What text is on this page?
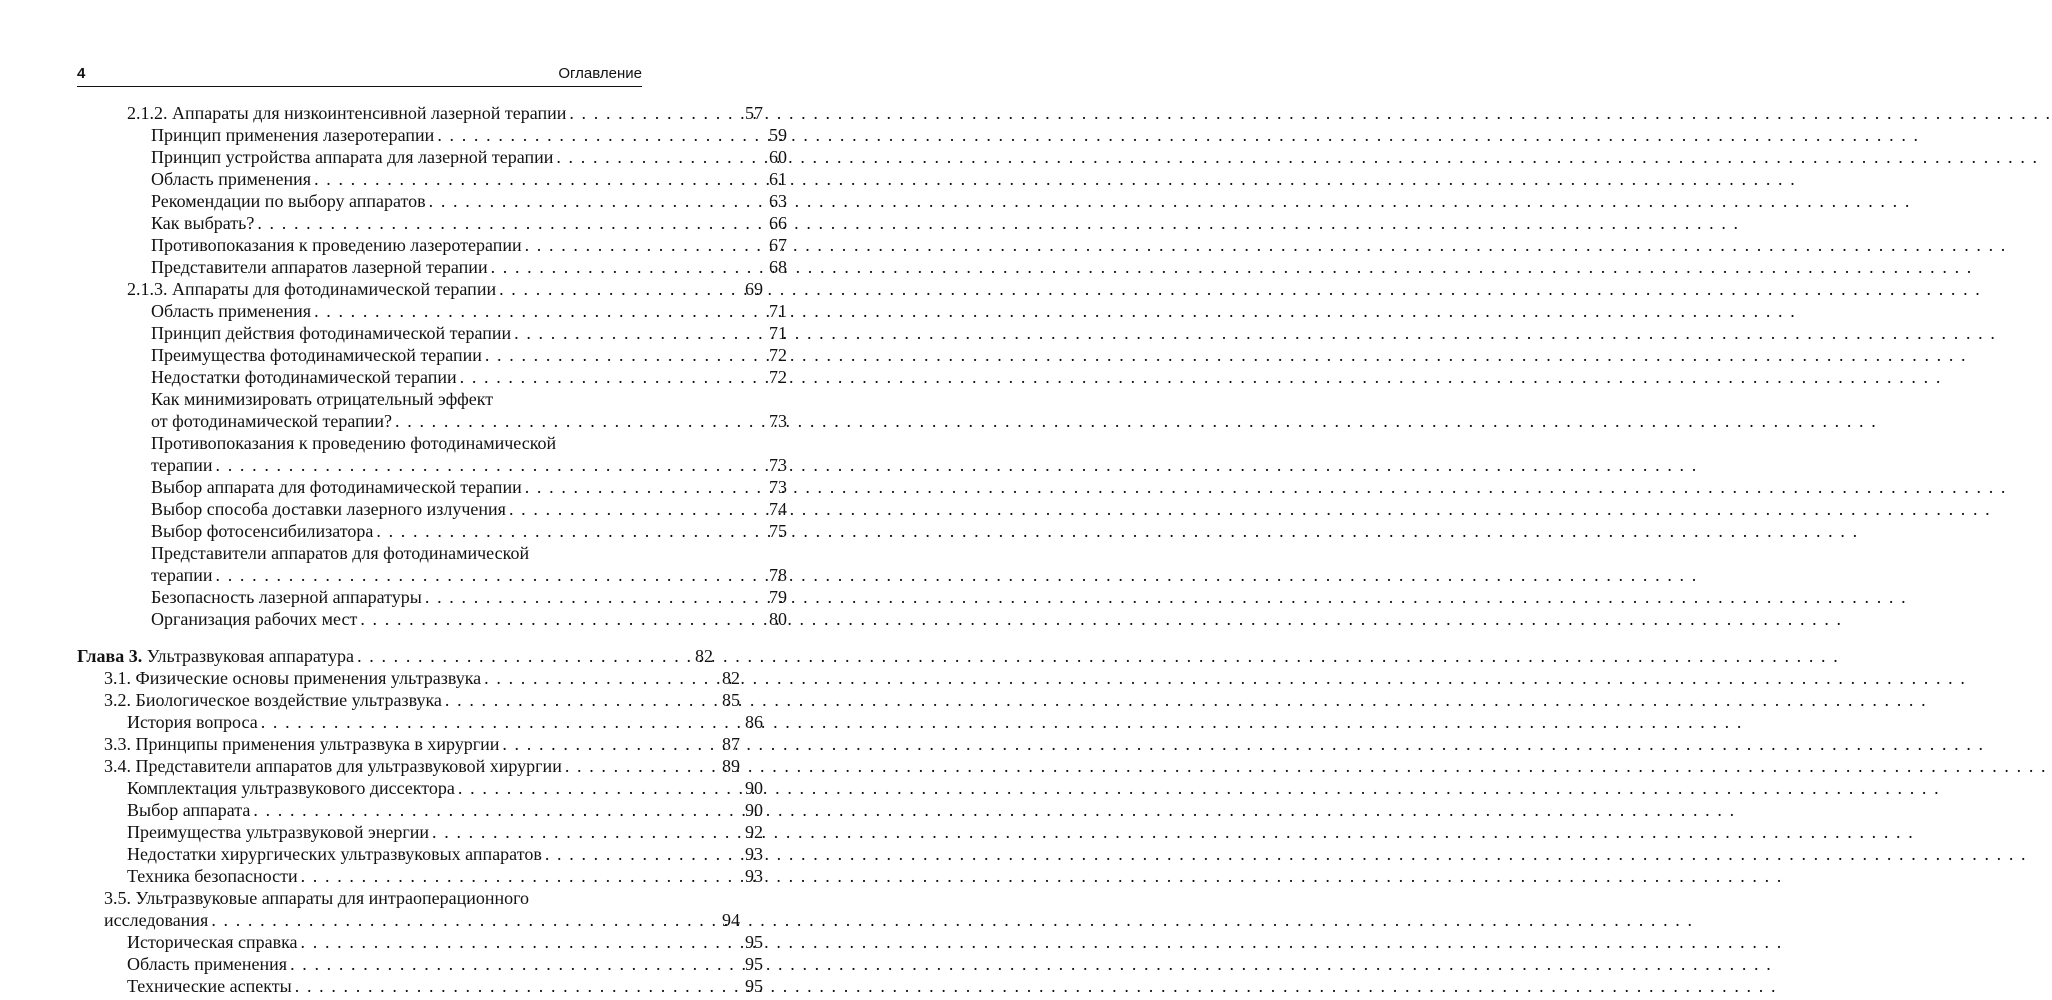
4	Оглавление
2.1.2. Аппараты для низкоинтенсивной лазерной терапии . . .	57
Принцип применения лазеротерапии . . .	59
Принцип устройства аппарата для лазерной терапии . . .	60
Область применения . . .	61
Рекомендации по выбору аппаратов . . .	63
Как выбрать? . . .	66
Противопоказания к проведению лазеротерапии . . .	67
Представители аппаратов лазерной терапии . . .	68
2.1.3. Аппараты для фотодинамической терапии . . .	69
Область применения . . .	71
Принцип действия фотодинамической терапии . . .	71
Преимущества фотодинамической терапии . . .	72
Недостатки фотодинамической терапии . . .	72
Как минимизировать отрицательный эффект
от фотодинамической терапии? . . .	73
Противопоказания к проведению фотодинамической
терапии . . .	73
Выбор аппарата для фотодинамической терапии . . .	73
Выбор способа доставки лазерного излучения . . .	74
Выбор фотосенсибилизатора . . .	75
Представители аппаратов для фотодинамической
терапии . . .	78
Безопасность лазерной аппаратуры . . .	79
Организация рабочих мест . . .	80
Глава 3. Ультразвуковая аппаратура . . .	82
3.1. Физические основы применения ультразвука . . .	82
3.2. Биологическое воздействие ультразвука . . .	85
История вопроса . . .	86
3.3. Принципы применения ультразвука в хирургии . . .	87
3.4. Представители аппаратов для ультразвуковой хирургии . . .	89
Комплектация ультразвукового диссектора . . .	90
Выбор аппарата . . .	90
Преимущества ультразвуковой энергии . . .	92
Недостатки хирургических ультразвуковых аппаратов . . .	93
Техника безопасности . . .	93
3.5. Ультразвуковые аппараты для интраоперационного
исследования . . .	94
Историческая справка . . .	95
Область применения . . .	95
Технические аспекты . . .	95
